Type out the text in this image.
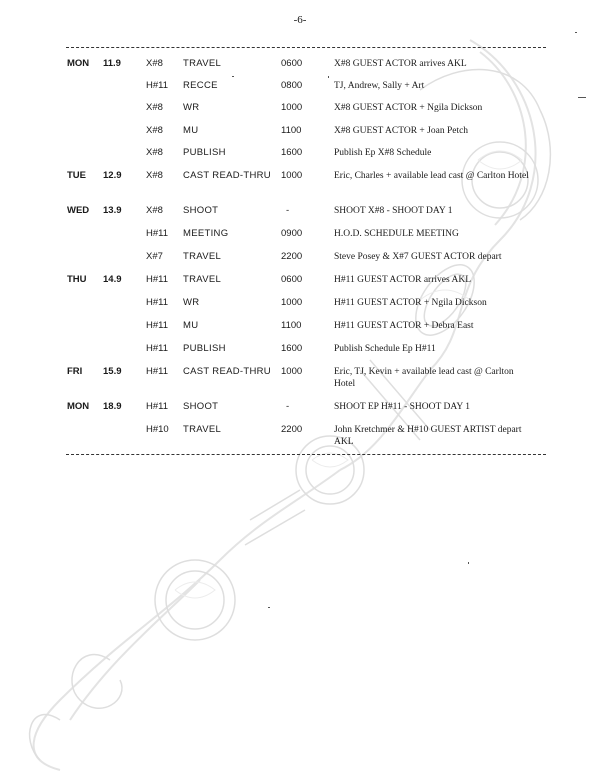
-6-
MON 11.9	X#8 TRAVEL	0600	X#8 GUEST ACTOR arrives AKL
H#11 RECCE	0800	TJ, Andrew, Sally + Art
X#8 WR	1000	X#8 GUEST ACTOR + Ngila Dickson
X#8 MU	1100	X#8 GUEST ACTOR + Joan Petch
X#8 PUBLISH	1600	Publish Ep X#8 Schedule
TUE 12.9	X#8 CAST READ-THRU 1000	Eric, Charles + available lead cast @ Carlton Hotel
WED 13.9	X#8 SHOOT	-	SHOOT X#8 - SHOOT DAY 1
H#11 MEETING	0900	H.O.D. SCHEDULE MEETING
X#7 TRAVEL	2200	Steve Posey & X#7 GUEST ACTOR depart
THU 14.9	H#11 TRAVEL	0600	H#11 GUEST ACTOR arrives AKL
H#11 WR	1000	H#11 GUEST ACTOR + Ngila Dickson
H#11 MU	1100	H#11 GUEST ACTOR + Debra East
H#11 PUBLISH	1600	Publish Schedule Ep H#11
FRI 15.9	H#11 CAST READ-THRU 1000	Eric, TJ, Kevin + available lead cast @ Carlton Hotel
MON 18.9	H#11 SHOOT	-	SHOOT EP H#11 - SHOOT DAY 1
H#10 TRAVEL	2200	John Kretchmer & H#10 GUEST ARTIST depart AKL
